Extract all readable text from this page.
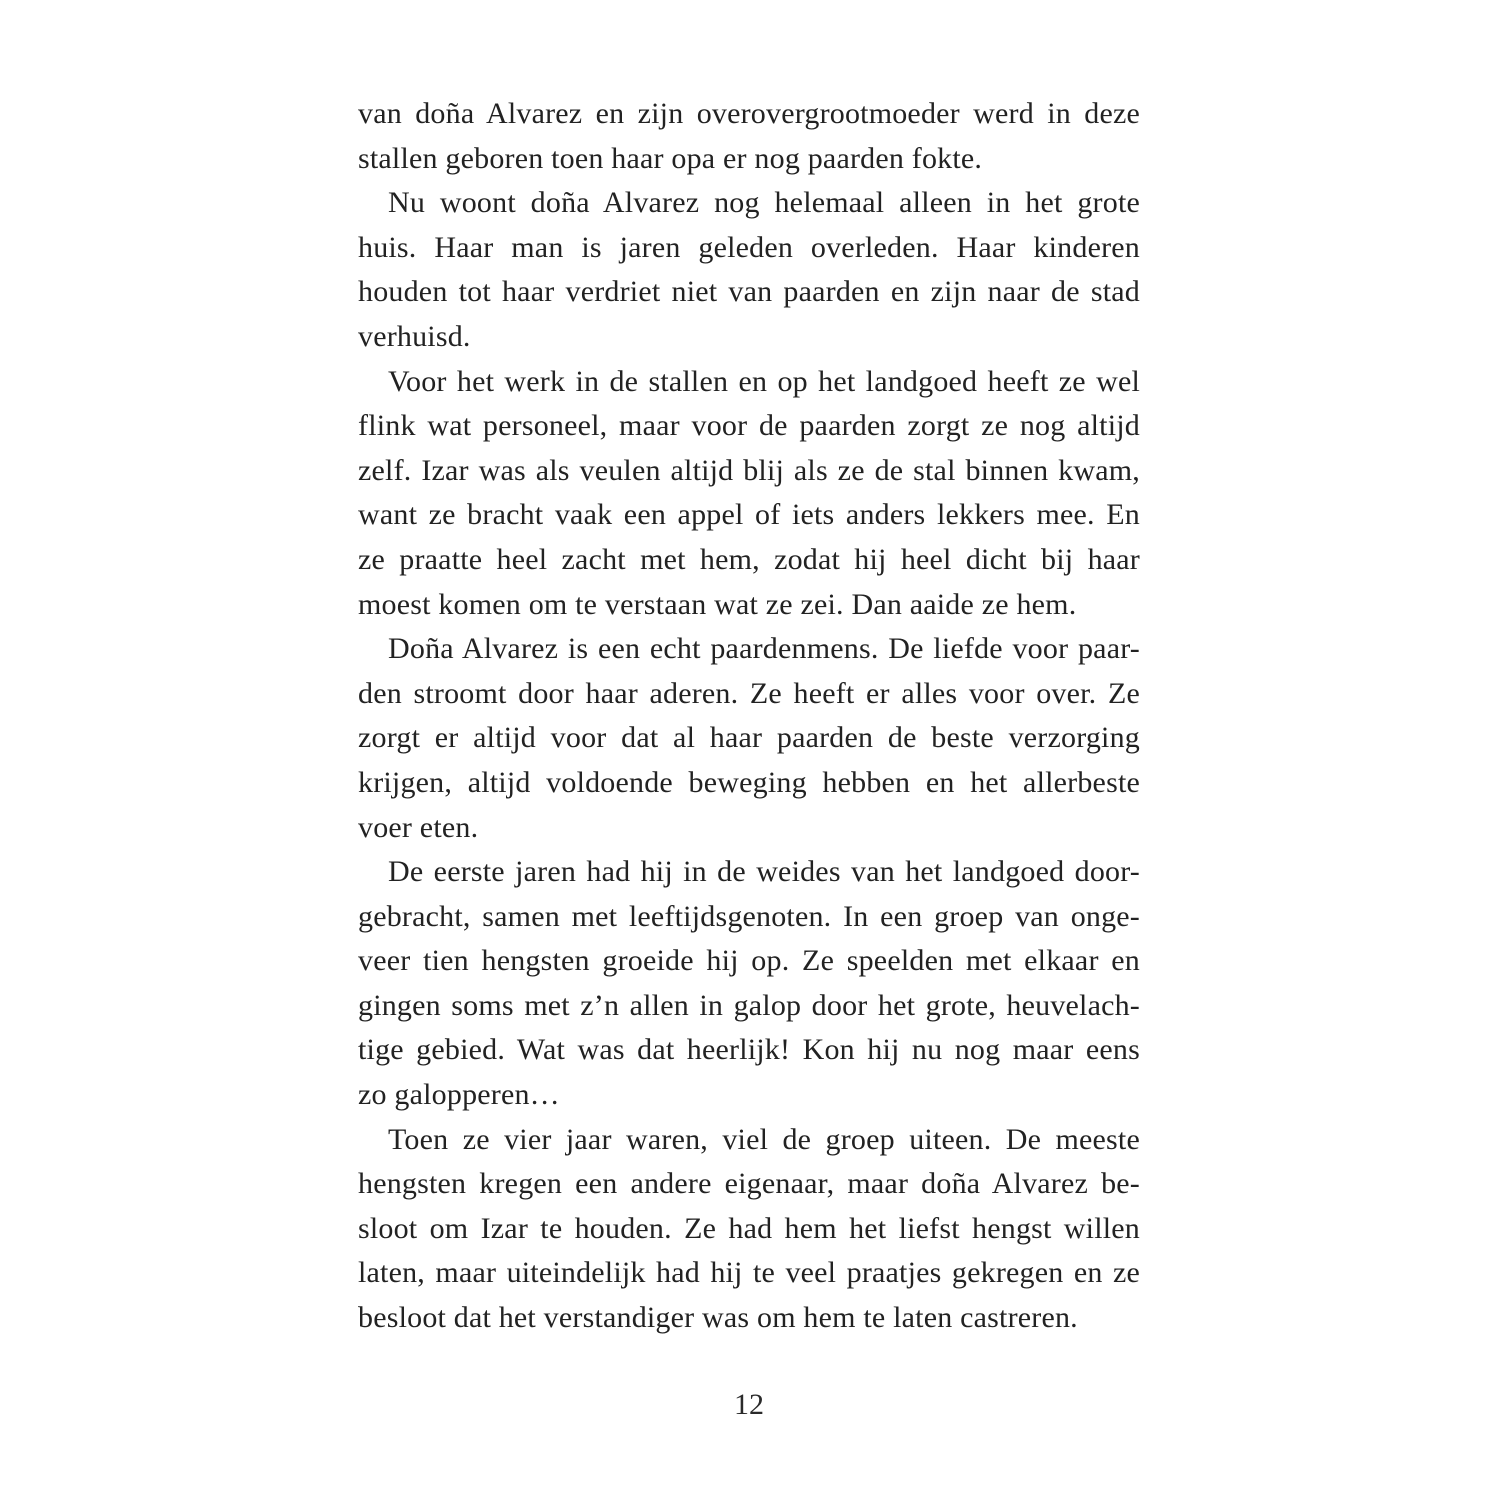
van doña Alvarez en zijn overovergrootmoeder werd in deze
stallen geboren toen haar opa er nog paarden fokte.
Nu woont doña Alvarez nog helemaal alleen in het grote
huis. Haar man is jaren geleden overleden. Haar kinderen
houden tot haar verdriet niet van paarden en zijn naar de stad
verhuisd.
Voor het werk in de stallen en op het landgoed heeft ze wel
flink wat personeel, maar voor de paarden zorgt ze nog altijd
zelf. Izar was als veulen altijd blij als ze de stal binnen kwam,
want ze bracht vaak een appel of iets anders lekkers mee. En
ze praatte heel zacht met hem, zodat hij heel dicht bij haar
moest komen om te verstaan wat ze zei. Dan aaide ze hem.
Doña Alvarez is een echt paardenmens. De liefde voor paar-
den stroomt door haar aderen. Ze heeft er alles voor over. Ze
zorgt er altijd voor dat al haar paarden de beste verzorging
krijgen, altijd voldoende beweging hebben en het allerbeste
voer eten.
De eerste jaren had hij in de weides van het landgoed door-
gebracht, samen met leeftijdsgenoten. In een groep van onge-
veer tien hengsten groeide hij op. Ze speelden met elkaar en
gingen soms met z’n allen in galop door het grote, heuvelach-
tige gebied. Wat was dat heerlijk! Kon hij nu nog maar eens
zo galopperen…
Toen ze vier jaar waren, viel de groep uiteen. De meeste
hengsten kregen een andere eigenaar, maar doña Alvarez be-
sloot om Izar te houden. Ze had hem het liefst hengst willen
laten, maar uiteindelijk had hij te veel praatjes gekregen en ze
besloot dat het verstandiger was om hem te laten castreren.
12
